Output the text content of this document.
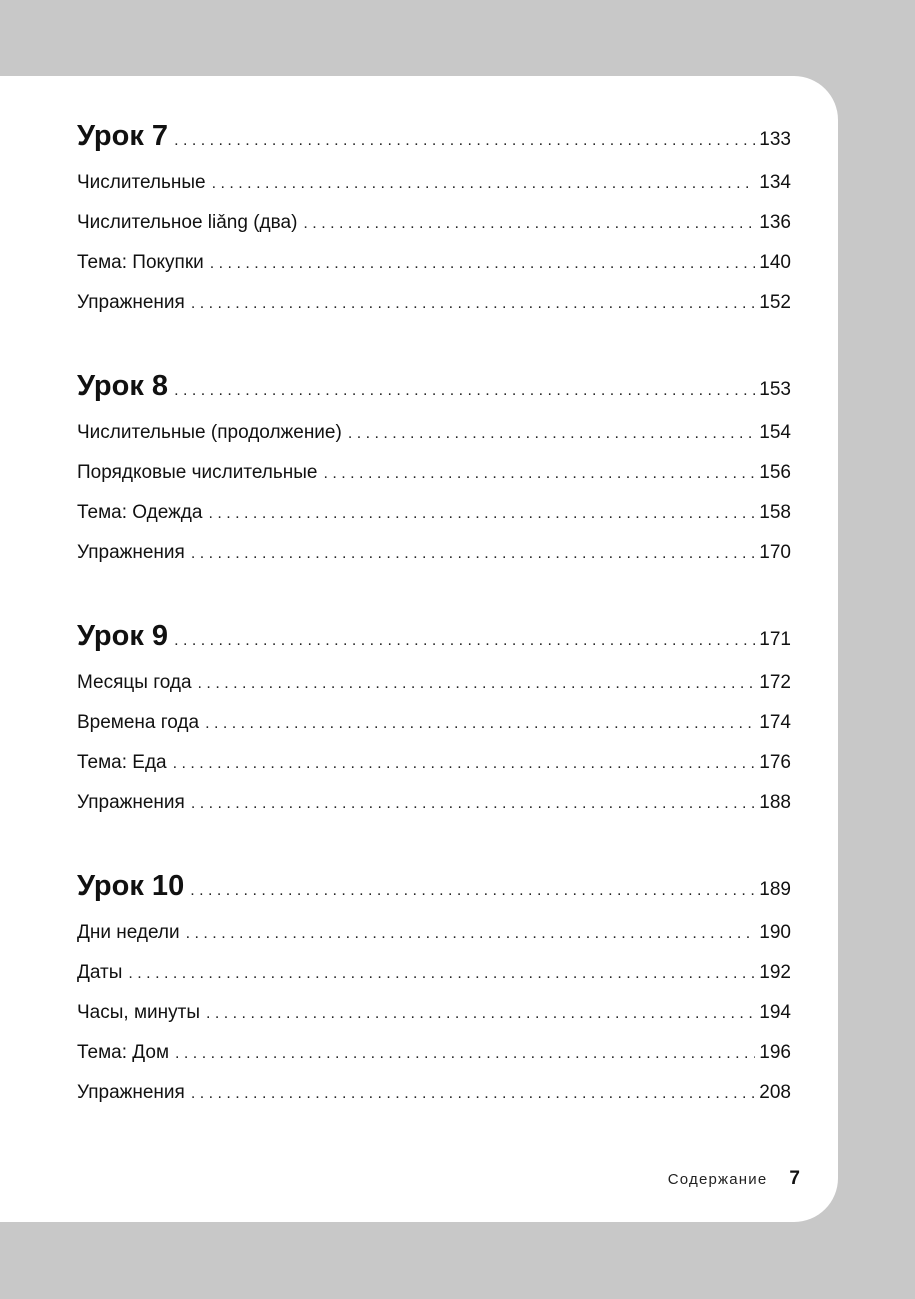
Урок 7 . . .	133
Числительные . . .	134
Числительное liǎng (два) . . .	136
Тема: Покупки . . .	140
Упражнения . . .	152
Урок 8 . . .	153
Числительные (продолжение) . . .	154
Порядковые числительные . . .	156
Тема: Одежда . . .	158
Упражнения . . .	170
Урок 9 . . .	171
Месяцы года . . .	172
Времена года . . .	174
Тема: Еда . . .	176
Упражнения . . .	188
Урок 10 . . .	189
Дни недели . . .	190
Даты . . .	192
Часы, минуты . . .	194
Тема: Дом . . .	196
Упражнения . . .	208
Содержание 7
